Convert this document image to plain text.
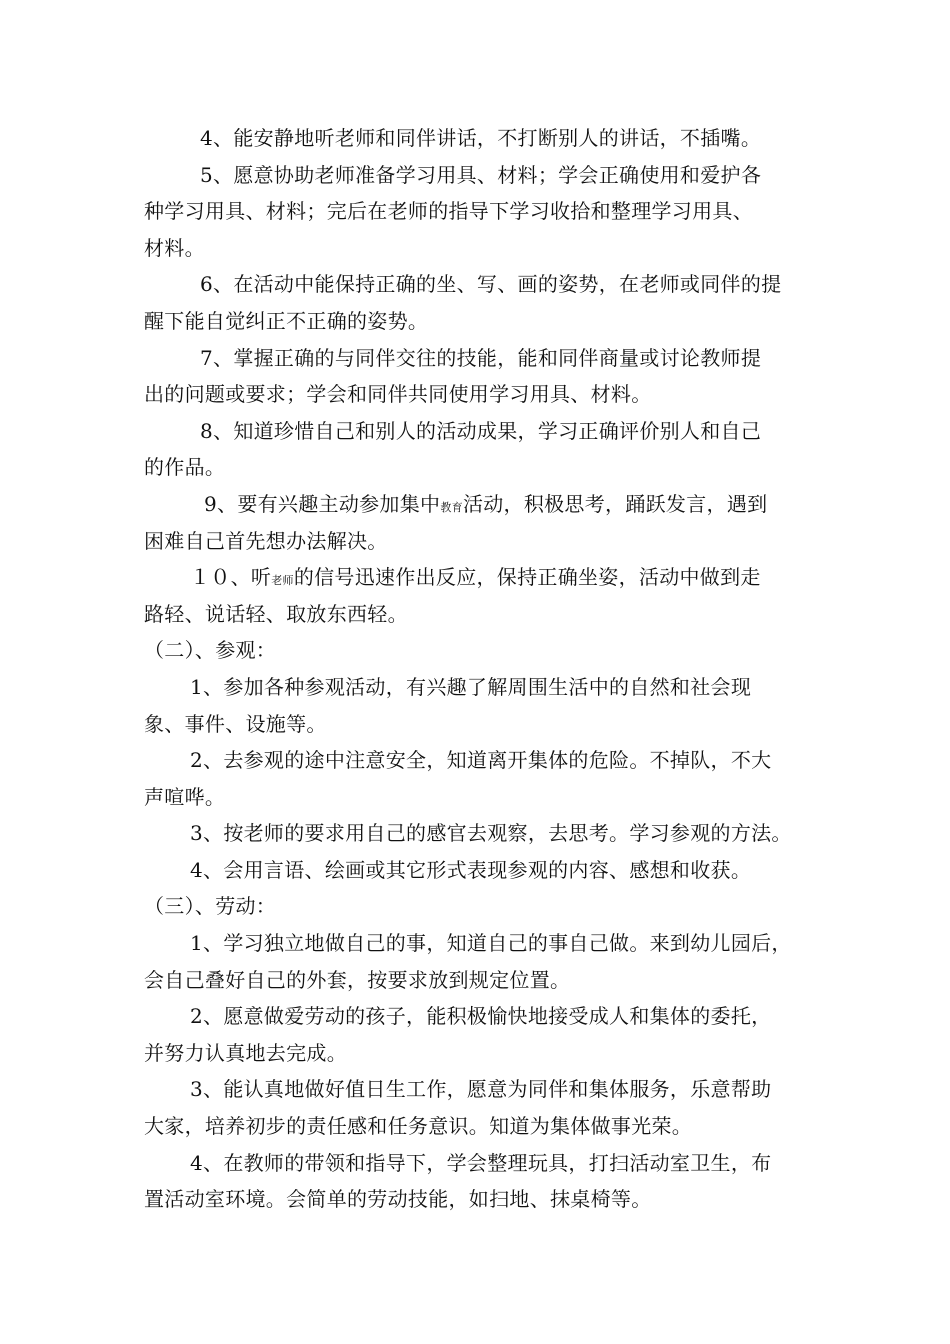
4、能安静地听老师和同伴讲话，不打断别人的讲话，不插嘴。
5、愿意协助老师准备学习用具、材料；学会正确使用和爱护各
种学习用具、材料；完后在老师的指导下学习收拾和整理学习用具、
材料。
6、在活动中能保持正确的坐、写、画的姿势，在老师或同伴的提
醒下能自觉纠正不正确的姿势。
7、掌握正确的与同伴交往的技能，能和同伴商量或讨论教师提
出的问题或要求；学会和同伴共同使用学习用具、材料。
8、知道珍惜自己和别人的活动成果，学习正确评价别人和自己
的作品。
9、要有兴趣主动参加集中教育活动，积极思考，踊跃发言，遇到
困难自己首先想办法解决。
１０、听老师的信号迅速作出反应，保持正确坐姿，活动中做到走
路轻、说话轻、取放东西轻。
（二）、参观：
1、参加各种参观活动，有兴趣了解周围生活中的自然和社会现
象、事件、设施等。
2、去参观的途中注意安全，知道离开集体的危险。不掉队，不大
声喧哗。
3、按老师的要求用自己的感官去观察，去思考。学习参观的方法。
4、会用言语、绘画或其它形式表现参观的内容、感想和收获。
（三）、劳动：
1、学习独立地做自己的事，知道自己的事自己做。来到幼儿园后，
会自己叠好自己的外套，按要求放到规定位置。
2、愿意做爱劳动的孩子，能积极愉快地接受成人和集体的委托，
并努力认真地去完成。
3、能认真地做好值日生工作，愿意为同伴和集体服务，乐意帮助
大家，培养初步的责任感和任务意识。知道为集体做事光荣。
4、在教师的带领和指导下，学会整理玩具，打扫活动室卫生，布
置活动室环境。会简单的劳动技能，如扫地、抹桌椅等。
